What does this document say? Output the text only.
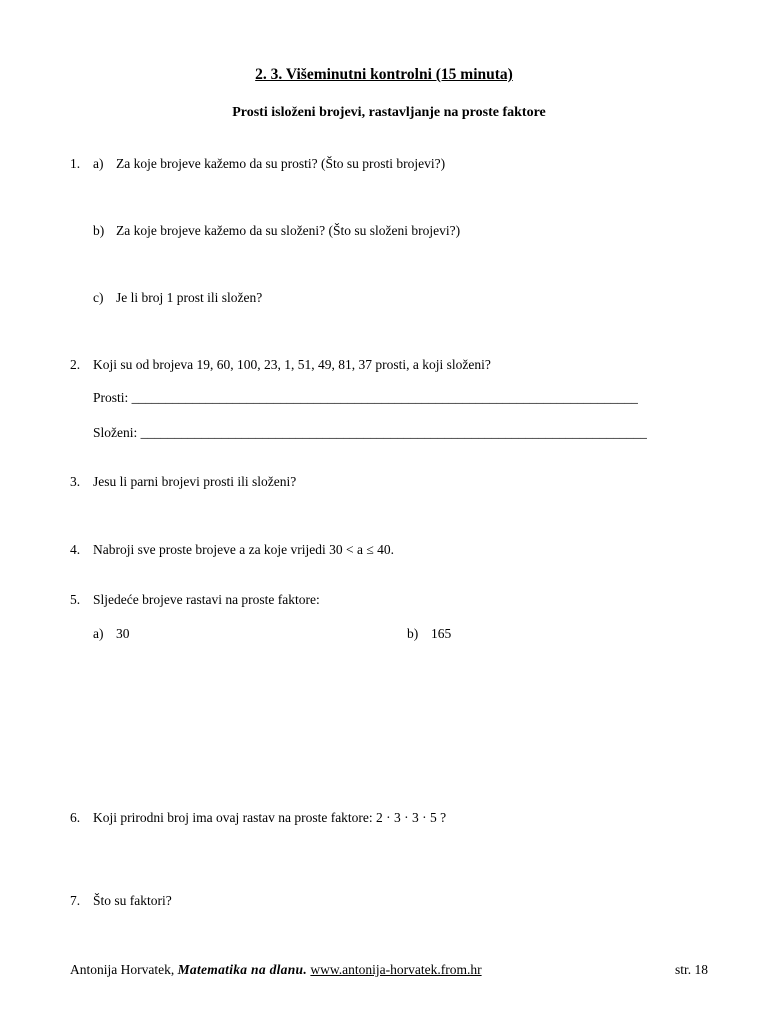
2. 3. Višeminutni kontrolni (15 minuta)
Prosti isloženi brojevi, rastavljanje na proste faktore
1. a) Za koje brojeve kažemo da su prosti? (Što su prosti brojevi?)
b) Za koje brojeve kažemo da su složeni? (Što su složeni brojevi?)
c) Je li broj 1 prost ili složen?
2. Koji su od brojeva 19, 60, 100, 23, 1, 51, 49, 81, 37 prosti, a koji složeni?
Prosti: ___________________________________________________________________________
Složeni: ___________________________________________________________________________
3. Jesu li parni brojevi prosti ili složeni?
4. Nabroji sve proste brojeve a za koje vrijedi 30 < a ≤ 40.
5. Sljedeće brojeve rastavi na proste faktore:
a) 30	b) 165
6. Koji prirodni broj ima ovaj rastav na proste faktore: 2 · 3 · 3 · 5 ?
7. Što su faktori?
Antonija Horvatek, Matematika na dlanu. www.antonija-horvatek.from.hr	str. 18
